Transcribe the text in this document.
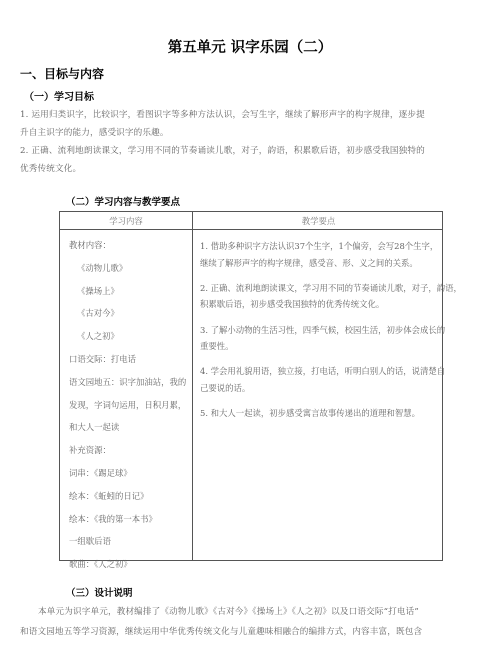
第五单元 识字乐园（二）
一、目标与内容
（一）学习目标

1. 运用归类识字，比较识字，看图识字等多种方法认识，会写生字，继续了解形声字的构字规律，逐步提

升自主识字的能力，感受识字的乐趣。

2. 正确、流利地朗读课文，学习用不同的节奏诵读儿歌，对子，韵语，积累歌后语，初步感受我国独特的

优秀传统文化。

（二）学习内容与教学要点
学习内容	教学要点
教材内容：
《动物儿歌》
《操场上》
《古对今》
《人之初》
口语交际：打电话
语文园地五：识字加油站，我的
发现，字词句运用，日积月累，
和大人一起读
补充资源：
词串：《踢足球》
绘本：《蚯蚓的日记》
绘本：《我的第一本书》
一组歇后语
歌曲：《人之初》
1. 借助多种识字方法认识37个生字，1个偏旁，会写28个生字，
继续了解形声字的构字规律，感受音、形、义之间的关系。
2. 正确、流利地朗读课文，学习用不同的节奏诵读儿歌，对子，韵语，
积累歇后语，初步感受我国独特的优秀传统文化。
3. 了解小动物的生活习性，四季气候，校园生活，初步体会成长的
重要性。
4. 学会用礼貌用语，独立接，打电话，听明白别人的话，说清楚自
己要说的话。
5. 和大人一起读，初步感受寓言故事传递出的道理和智慧。
（三）设计说明

本单元为识字单元，教材编排了《动物儿歌》《古对今》《操场上》《人之初》以及口语交际“打电话”

和语文园地五等学习资源，继续运用中华优秀传统文化与儿童趣味相融合的编排方式，内容丰富，既包含
